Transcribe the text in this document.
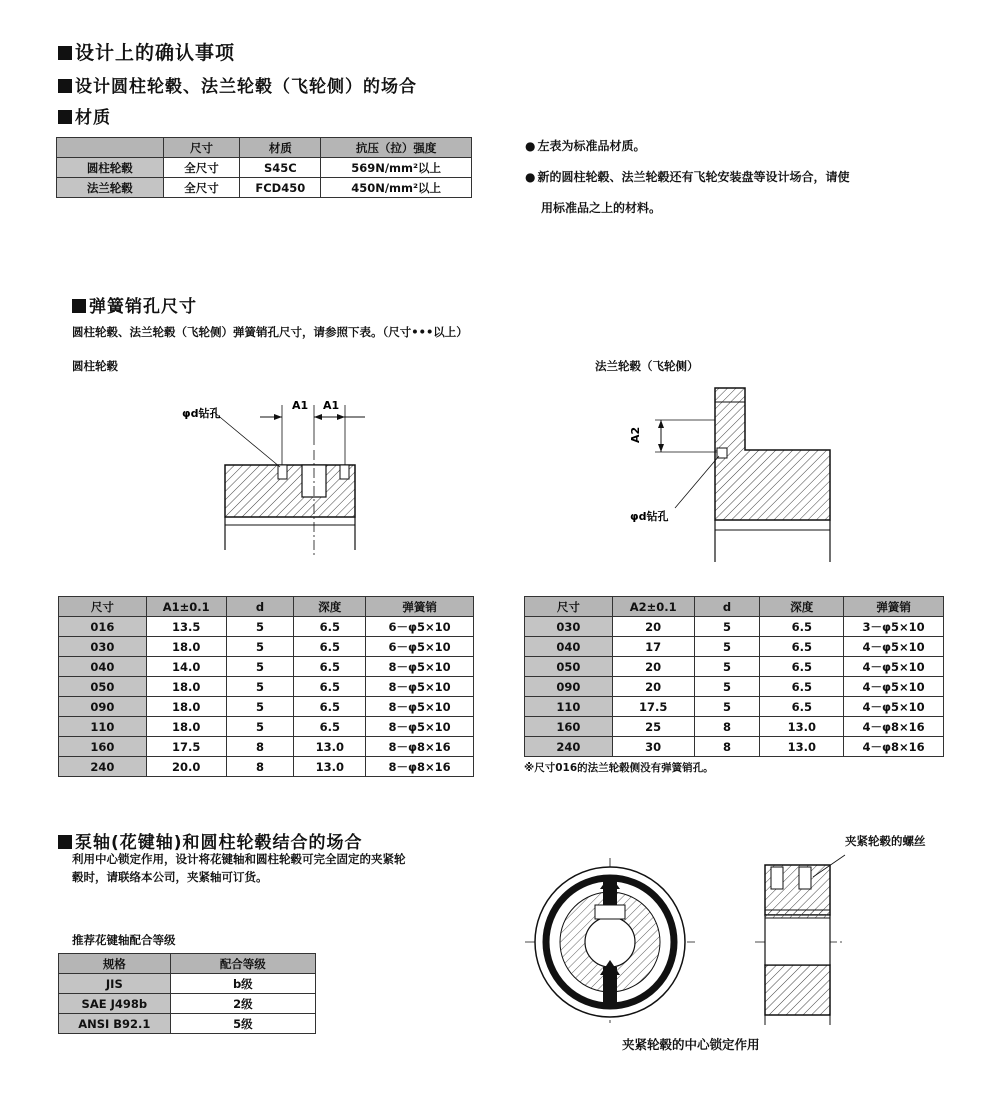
设计上的确认事项
设计圆柱轮毂、法兰轮毂（飞轮侧）的场合
材质
	尺寸	材质	抗压（拉）强度
圆柱轮毂	全尺寸	S45C	569N/mm²以上
法兰轮毂	全尺寸	FCD450	450N/mm²以上
● 左表为标准品材质。
● 新的圆柱轮毂、法兰轮毂还有飞轮安装盘等设计场合，请使
用标准品之上的材料。
弹簧销孔尺寸
圆柱轮毂、法兰轮毂（飞轮侧）弹簧销孔尺寸，请参照下表。（尺寸•••以上）
圆柱轮毂	法兰轮毂（飞轮侧）
A1 A1
φd钻孔
A2
φd钻孔
尺寸	A1±0.1	d	深度	弹簧销
016	13.5	5	6.5	6－φ5×10
030	18.0	5	6.5	6－φ5×10
040	14.0	5	6.5	8－φ5×10
050	18.0	5	6.5	8－φ5×10
090	18.0	5	6.5	8－φ5×10
110	18.0	5	6.5	8－φ5×10
160	17.5	8	13.0	8－φ8×16
240	20.0	8	13.0	8－φ8×16
尺寸	A2±0.1	d	深度	弹簧销
030	20	5	6.5	3－φ5×10
040	17	5	6.5	4－φ5×10
050	20	5	6.5	4－φ5×10
090	20	5	6.5	4－φ5×10
110	17.5	5	6.5	4－φ5×10
160	25	8	13.0	4－φ8×16
240	30	8	13.0	4－φ8×16
※尺寸016的法兰轮毂侧没有弹簧销孔。
泵轴(花键轴)和圆柱轮毂结合的场合
利用中心锁定作用，设计将花键轴和圆柱轮毂可完全固定的夹紧轮
毂时，请联络本公司，夹紧轴可订货。
推荐花键轴配合等级
规格	配合等级
JIS	b级
SAE J498b	2级
ANSI B92.1	5级
夹紧轮毂的螺丝
夹紧轮毂的中心锁定作用
